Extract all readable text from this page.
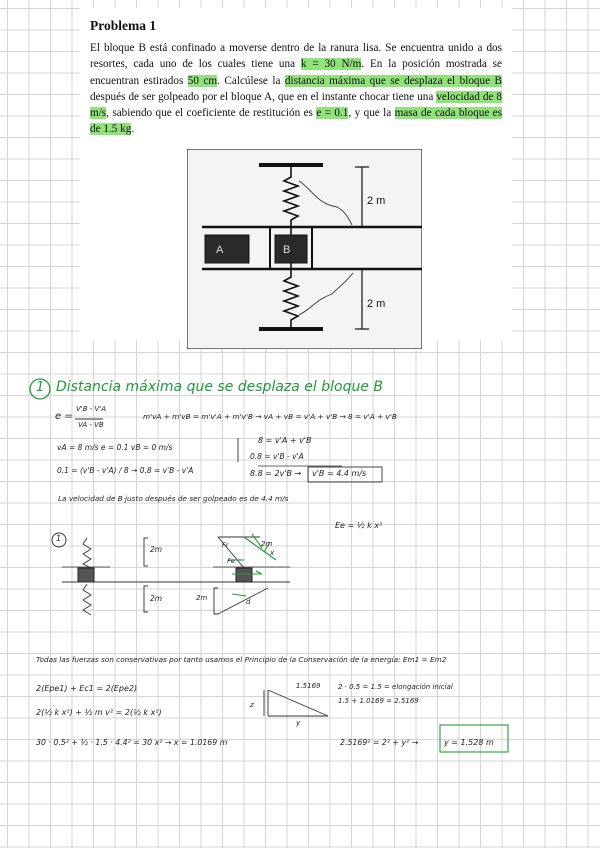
Problema 1

El bloque B está confinado a moverse dentro de la ranura lisa. Se encuentra unido a dos resortes, cada uno de los cuales tiene una k = 30 N/m. En la posición mostrada se encuentran estirados 50 cm. Calcúlese la distancia máxima que se desplaza el bloque B después de ser golpeado por el bloque A, que en el instante chocar tiene una velocidad de 8 m/s, sabiendo que el coeficiente de restitución es e = 0.1, y que la masa de cada bloque es de 1.5 kg.

A	B
2 m
2 m
1 Distancia máxima que se desplaza el bloque B
e =
V'B - V'A
VA - VB
m'vA + m'vB = m'v'A + m'v'B → vA + vB = v'A + v'B → 8 = v'A + v'B
vA = 8 m/s e = 0.1 vB = 0 m/s
0.1 = (v'B - v'A) / 8 → 0.8 = v'B - v'A
8 = v'A + v'B
0.8 = v'B - v'A
8.8 = 2v'B → v'B = 4.4 m/s
La velocidad de B justo después de ser golpeado es de 4.4 m/s
1
2m
2m
2m
2m
Fr
Fe
d
x
Ee = ½ k x²
Todas las fuerzas son conservativas por tanto usamos el Principio de la Conservación de la energía: Em1 = Em2
2(Epe1) + Ec1 = 2(Epe2)
2(½ k x²) + ½ m v² = 2(½ k x²)
30 · 0.5² + ½ · 1.5 · 4.4² = 30 x² → x = 1.0169 m
z
1.5169
y
2 · 0.5 = 1.5 = elongación inicial
1.5 + 1.0169 = 2.5169
2.5169² = 2² + y² →	y = 1.528 m
